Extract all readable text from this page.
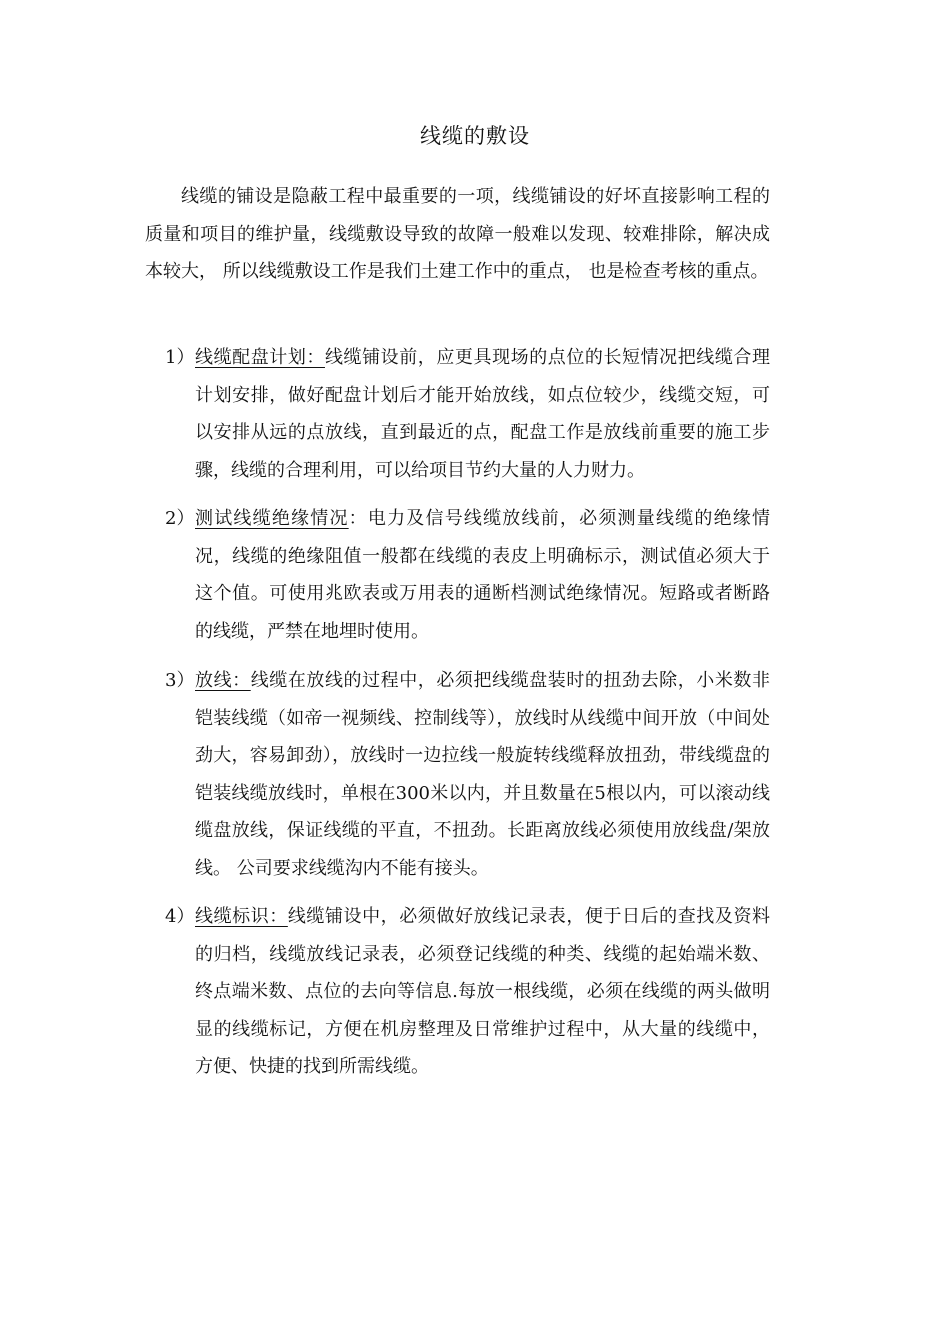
线缆的敷设

线缆的铺设是隐蔽工程中最重要的一项，线缆铺设的好坏直接影响工程的质量和项目的维护量，线缆敷设导致的故障一般难以发现、较难排除，解决成本较大， 所以线缆敷设工作是我们土建工作中的重点， 也是检查考核的重点。

1） 线缆配盘计划：线缆铺设前，应更具现场的点位的长短情况把线缆合理计划安排，做好配盘计划后才能开始放线，如点位较少，线缆交短，可以安排从远的点放线，直到最近的点，配盘工作是放线前重要的施工步骤，线缆的合理利用，可以给项目节约大量的人力财力。

2） 测试线缆绝缘情况：电力及信号线缆放线前，必须测量线缆的绝缘情况，线缆的绝缘阻值一般都在线缆的表皮上明确标示，测试值必须大于这个值。可使用兆欧表或万用表的通断档测试绝缘情况。短路或者断路的线缆，严禁在地埋时使用。

3） 放线：线缆在放线的过程中，必须把线缆盘装时的扭劲去除，小米数非铠装线缆（如帝一视频线、控制线等），放线时从线缆中间开放（中间处劲大，容易卸劲），放线时一边拉线一般旋转线缆释放扭劲，带线缆盘的铠装线缆放线时，单根在300米以内，并且数量在5根以内，可以滚动线缆盘放线，保证线缆的平直，不扭劲。长距离放线必须使用放线盘/架放线。 公司要求线缆沟内不能有接头。

4） 线缆标识：线缆铺设中，必须做好放线记录表，便于日后的查找及资料的归档，线缆放线记录表，必须登记线缆的种类、线缆的起始端米数、终点端米数、点位的去向等信息.每放一根线缆，必须在线缆的两头做明显的线缆标记，方便在机房整理及日常维护过程中，从大量的线缆中，方便、快捷的找到所需线缆。
